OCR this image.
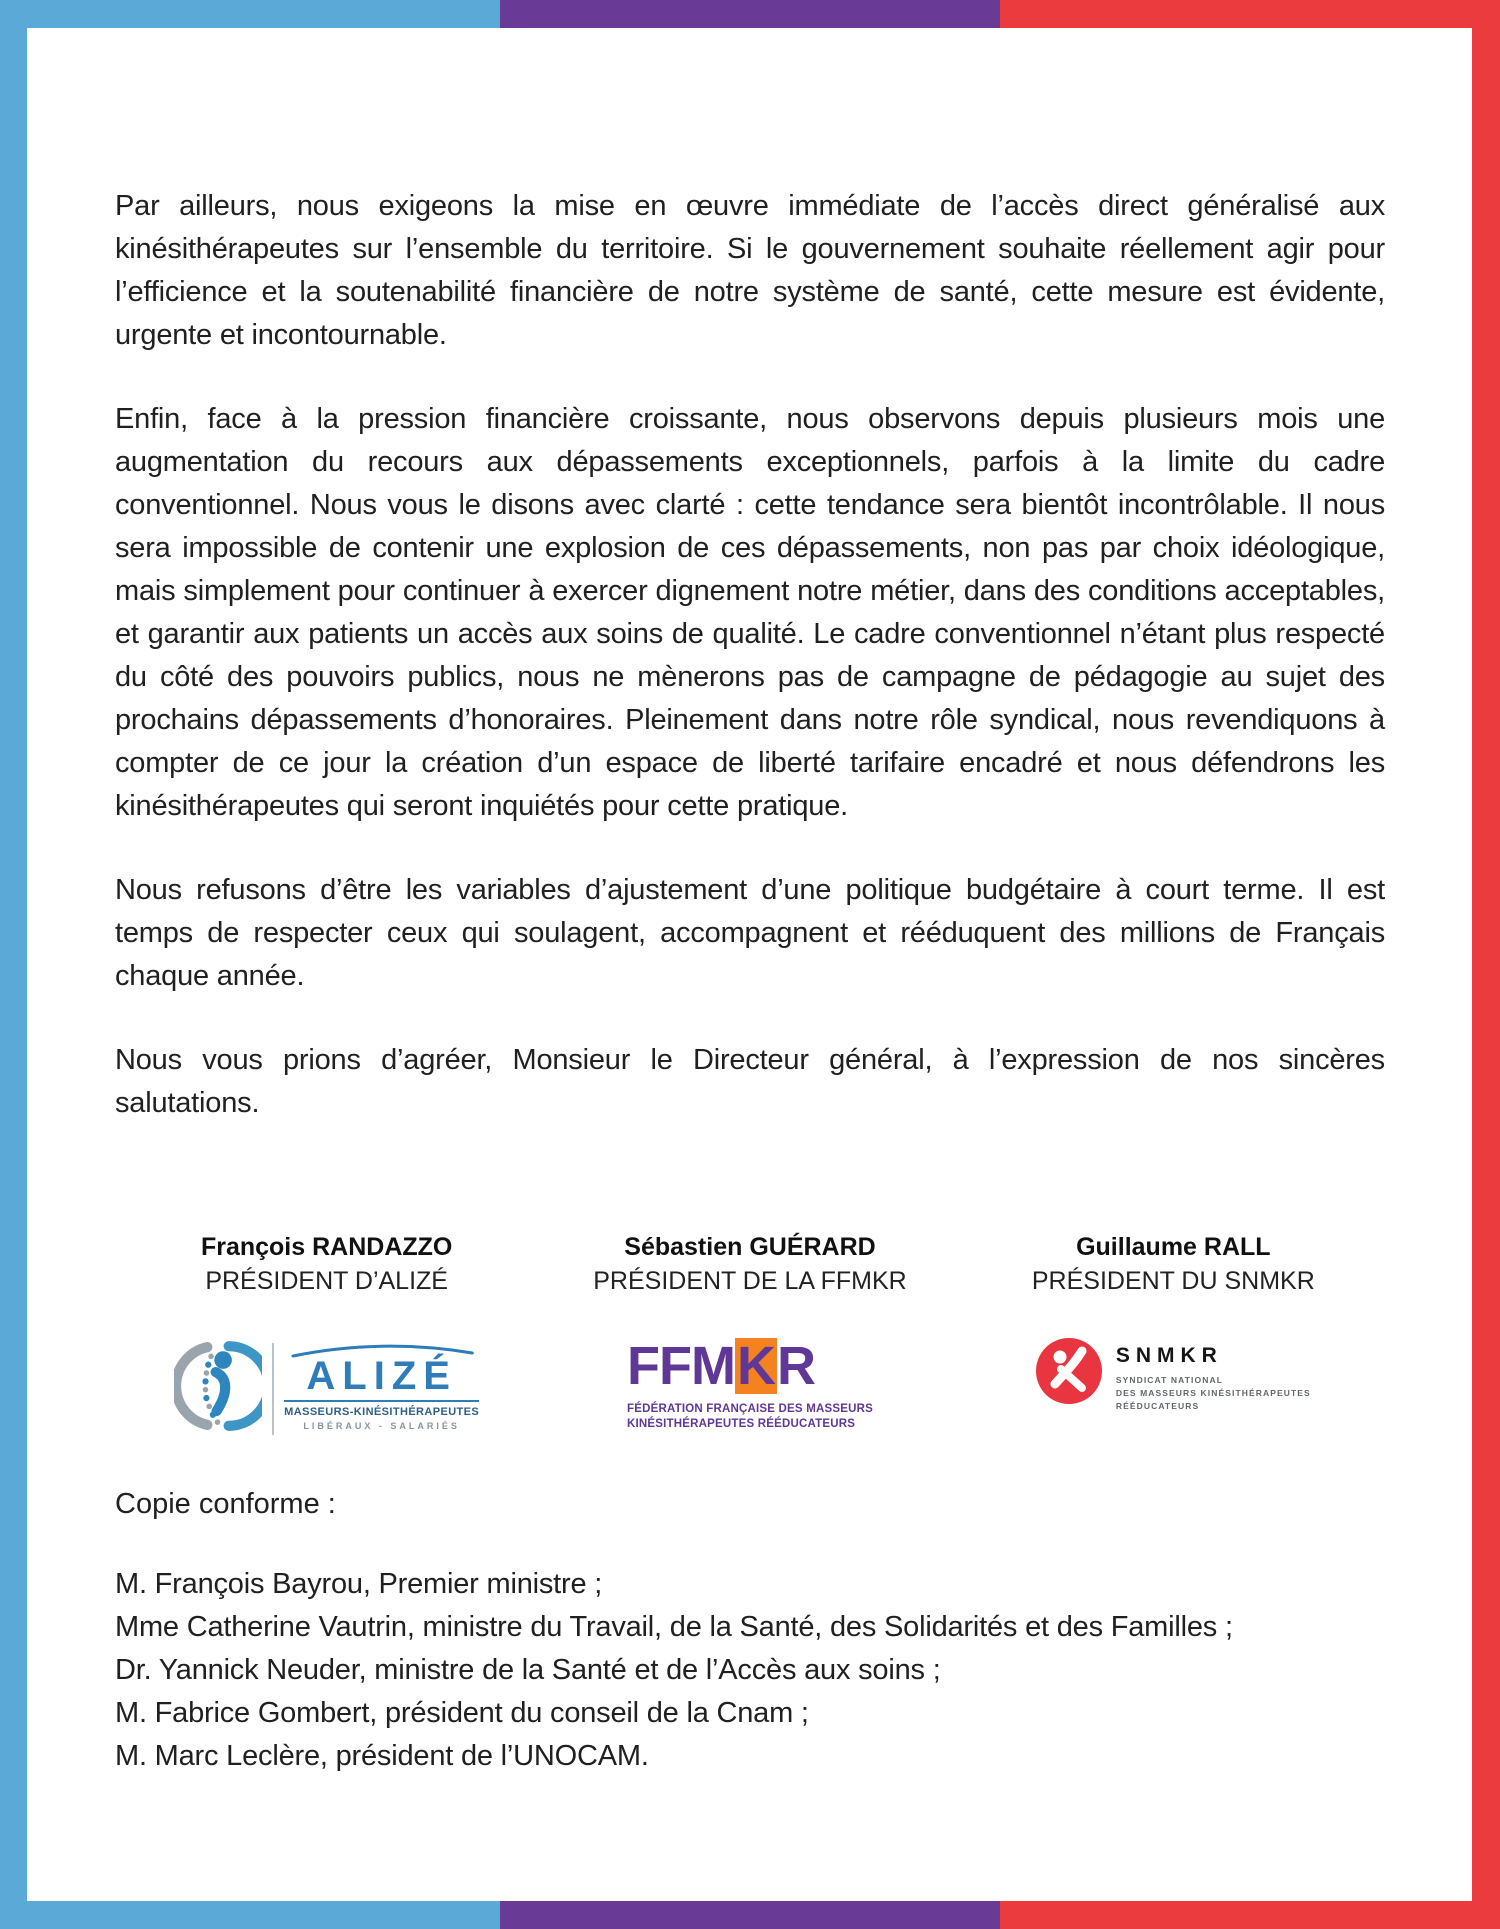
Par ailleurs, nous exigeons la mise en œuvre immédiate de l’accès direct généralisé aux kinésithérapeutes sur l’ensemble du territoire. Si le gouvernement souhaite réellement agir pour l’efficience et la soutenabilité financière de notre système de santé, cette mesure est évidente, urgente et incontournable.

Enfin, face à la pression financière croissante, nous observons depuis plusieurs mois une augmentation du recours aux dépassements exceptionnels, parfois à la limite du cadre conventionnel. Nous vous le disons avec clarté : cette tendance sera bientôt incontrôlable. Il nous sera impossible de contenir une explosion de ces dépassements, non pas par choix idéologique, mais simplement pour continuer à exercer dignement notre métier, dans des conditions acceptables, et garantir aux patients un accès aux soins de qualité. Le cadre conventionnel n’étant plus respecté du côté des pouvoirs publics, nous ne mènerons pas de campagne de pédagogie au sujet des prochains dépassements d’honoraires. Pleinement dans notre rôle syndical, nous revendiquons à compter de ce jour la création d’un espace de liberté tarifaire encadré et nous défendrons les kinésithérapeutes qui seront inquiétés pour cette pratique.

Nous refusons d’être les variables d’ajustement d’une politique budgétaire à court terme. Il est temps de respecter ceux qui soulagent, accompagnent et rééduquent des millions de Français chaque année.

Nous vous prions d’agréer, Monsieur le Directeur général, à l’expression de nos sincères salutations.

François RANDAZZO
PRÉSIDENT D’ALIZÉ
ALIZÉ
MASSEURS-KINÉSITHÉRAPEUTES
LIBÉRAUX - SALARIÉS
Sébastien GUÉRARD
PRÉSIDENT DE LA FFMKR
FFM K R
FÉDÉRATION FRANÇAISE DES MASSEURS
KINÉSITHÉRAPEUTES RÉÉDUCATEURS
Guillaume RALL
PRÉSIDENT DU SNMKR
SNMKR
SYNDICAT NATIONAL
DES MASSEURS KINÉSITHÉRAPEUTES
RÉÉDUCATEURS

Copie conforme :

M. François Bayrou, Premier ministre ;
Mme Catherine Vautrin, ministre du Travail, de la Santé, des Solidarités et des Familles ;
Dr. Yannick Neuder, ministre de la Santé et de l’Accès aux soins ;
M. Fabrice Gombert, président du conseil de la Cnam ;
M. Marc Leclère, président de l’UNOCAM.
